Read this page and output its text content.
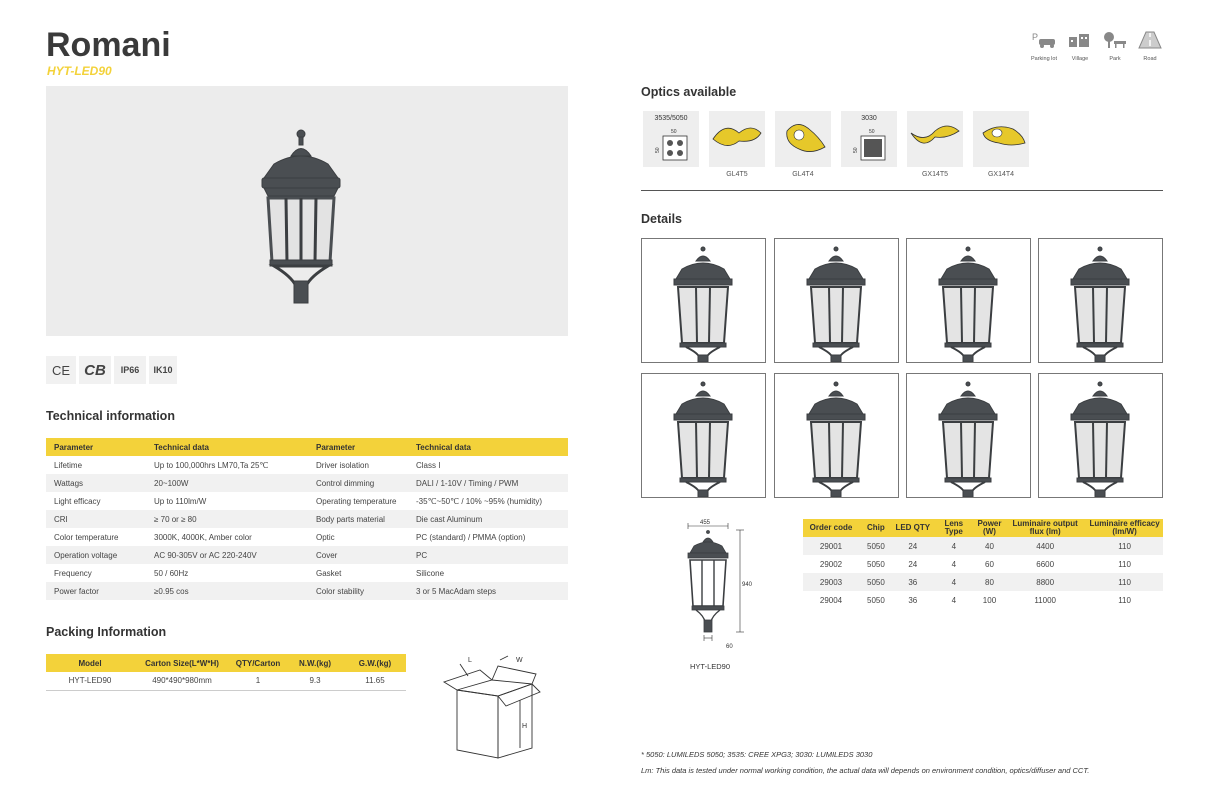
Romani
HYT-LED90
P
Parking lot	Village	Park	Road
CE CB	IP66	IK10
Technical information
Parameter	Technical data	Parameter	Technical data
Lifetime	Up to 100,000hrs LM70,Ta 25℃	Driver isolation	Class I
Wattags	20~100W	Control dimming	DALI / 1-10V / Timing / PWM
Light efficacy	Up to 110lm/W	Operating temperature	-35℃~50℃ / 10% ~95% (humidity)
CRI	≥ 70 or ≥ 80	Body parts material	Die cast Aluminum
Color temperature	3000K, 4000K, Amber color	Optic	PC (standard) / PMMA (option)
Operation voltage	AC 90-305V or AC 220-240V	Cover	PC
Frequency	50 / 60Hz	Gasket	Silicone
Power factor	≥0.95 cos	Color stability	3 or 5 MacAdam steps
Packing Information
Model	Carton Size(L*W*H)	QTY/Carton	N.W.(kg)	G.W.(kg)
HYT-LED90	490*490*980mm	1	9.3	11.65
L	W
H
Optics available
3535/5050
50
50
3030
50
50
GL4T5	GL4T4	GX14T5	GX14T4
Details
455
940
60
HYT-LED90
Order code	Chip	LED QTY	Lens Type	Power (W)	Luminaire output flux (lm)	Luminaire efficacy (lm/W)
29001	5050	24	4	40	4400	110
29002	5050	24	4	60	6600	110
29003	5050	36	4	80	8800	110
29004	5050	36	4	100	11000	110
* 5050: LUMILEDS 5050; 3535: CREE XPG3; 3030: LUMILEDS 3030
Lm: This data is tested under normal working condition, the actual data will depends on environment condition, optics/diffuser and CCT.
